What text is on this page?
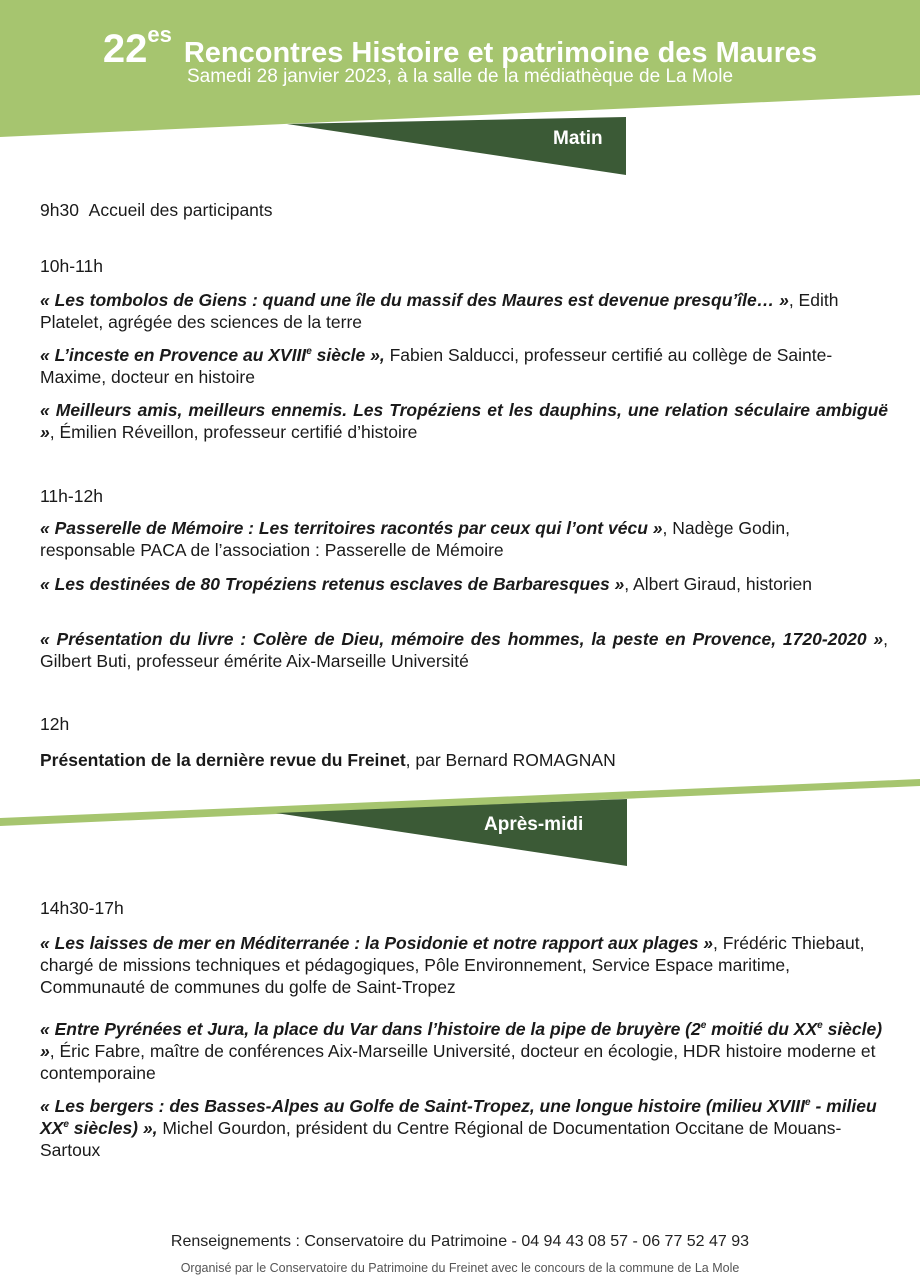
22esRencontres Histoire et patrimoine des Maures
Samedi 28 janvier 2023, à la salle de la médiathèque de La Mole
Matin
9h30 Accueil des participants
10h-11h
« Les tombolos de Giens : quand une île du massif des Maures est devenue presqu’île… », Edith Platelet, agrégée des sciences de la terre
« L’inceste en Provence au XVIIIe siècle », Fabien Salducci, professeur certifié au collège de Sainte-Maxime, docteur en histoire
« Meilleurs amis, meilleurs ennemis. Les Tropéziens et les dauphins, une relation séculaire ambiguë », Émilien Réveillon, professeur certifié d’histoire
11h-12h
« Passerelle de Mémoire : Les territoires racontés par ceux qui l’ont vécu », Nadège Godin, responsable PACA de l’association : Passerelle de Mémoire
« Les destinées de 80 Tropéziens retenus esclaves de Barbaresques », Albert Giraud, historien
« Présentation du livre : Colère de Dieu, mémoire des hommes, la peste en Provence, 1720-2020 », Gilbert Buti, professeur émérite Aix-Marseille Université
12h
Présentation de la dernière revue du Freinet, par Bernard ROMAGNAN
Après-midi
14h30-17h
« Les laisses de mer en Méditerranée : la Posidonie et notre rapport aux plages », Frédéric Thiebaut, chargé de missions techniques et pédagogiques, Pôle Environnement, Service Espace maritime, Communauté de communes du golfe de Saint-Tropez
« Entre Pyrénées et Jura, la place du Var dans l’histoire de la pipe de bruyère (2e moitié du XXe siècle) », Éric Fabre, maître de conférences Aix-Marseille Université, docteur en écologie, HDR histoire moderne et contemporaine
« Les bergers : des Basses-Alpes au Golfe de Saint-Tropez, une longue histoire (milieu XVIIIe - milieu XXe siècles) », Michel Gourdon, président du Centre Régional de Documentation Occitane de Mouans-Sartoux
Renseignements : Conservatoire du Patrimoine - 04 94 43 08 57 - 06 77 52 47 93
Organisé par le Conservatoire du Patrimoine du Freinet avec le concours de la commune de La Mole
